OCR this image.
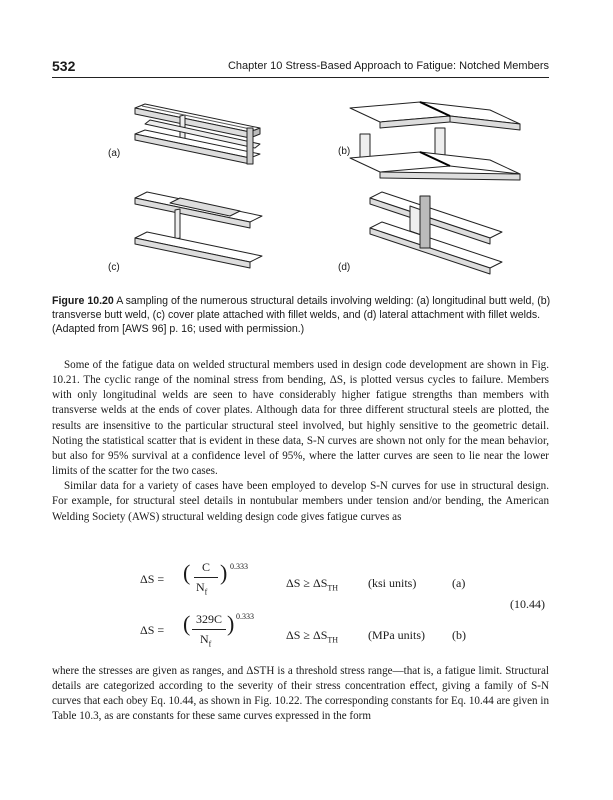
532	Chapter 10 Stress-Based Approach to Fatigue: Notched Members
(a)	(b)
(c)	(d)
Figure 10.20 A sampling of the numerous structural details involving welding: (a) longitudinal butt weld, (b) transverse butt weld, (c) cover plate attached with fillet welds, and (d) lateral attachment with fillet welds. (Adapted from [AWS 96] p. 16; used with permission.)

Some of the fatigue data on welded structural members used in design code development are shown in Fig. 10.21. The cyclic range of the nominal stress from bending, ΔS, is plotted versus cycles to failure. Members with only longitudinal welds are seen to have considerably higher fatigue strengths than members with transverse welds at the ends of cover plates. Although data for three different structural steels are plotted, the results are insensitive to the particular structural steel involved, but highly sensitive to the geometric detail. Noting the statistical scatter that is evident in these data, S-N curves are shown not only for the mean behavior, but also for 95% survival at a confidence level of 95%, where the latter curves are seen to lie near the lower limits of the scatter for the two cases.

Similar data for a variety of cases have been employed to develop S-N curves for use in structural design. For example, for structural steel details in nontubular members under tension and/or bending, the American Welding Society (AWS) structural welding design code gives fatigue curves as

ΔS = ( C
$N_f$
) 0.333
$\Delta S \ge \Delta S_{TH}$ (ksi units)	(a)
(10.44)
ΔS = ( 329C
$N_f$
) 0.333
$\Delta S \ge \Delta S_{TH}$ (MPa units) (b)

where the stresses are given as ranges, and ΔSTH is a threshold stress range—that is, a fatigue limit. Structural details are categorized according to the severity of their stress concentration effect, giving a family of S-N curves that each obey Eq. 10.44, as shown in Fig. 10.22. The corresponding constants for Eq. 10.44 are given in Table 10.3, as are constants for these same curves expressed in the form
